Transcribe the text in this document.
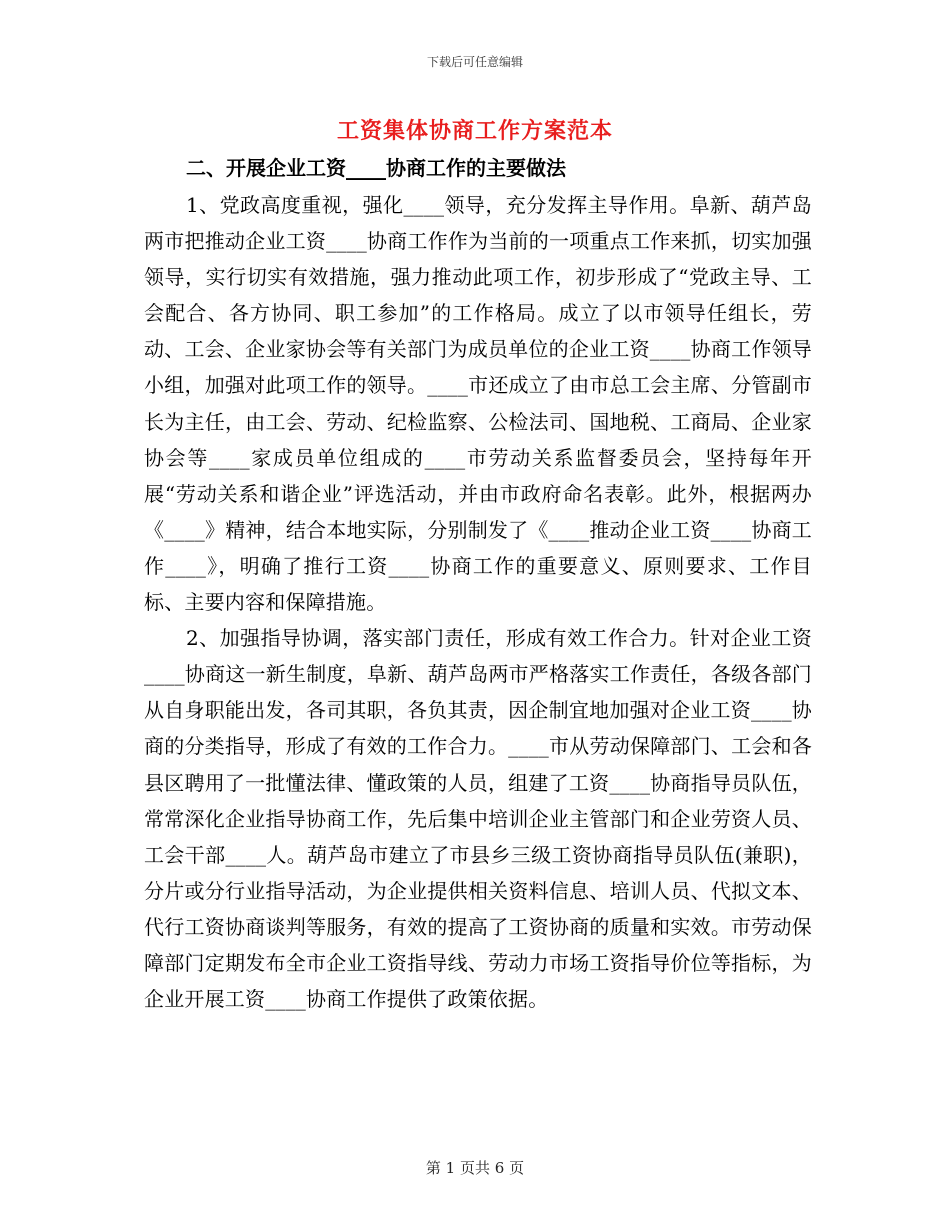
下载后可任意编辑
工资集体协商工作方案范本

二、开展企业工资____协商工作的主要做法

1、党政高度重视，强化____领导，充分发挥主导作用。阜新、葫芦岛两市把推动企业工资____协商工作作为当前的一项重点工作来抓，切实加强领导，实行切实有效措施，强力推动此项工作，初步形成了“党政主导、工会配合、各方协同、职工参加”的工作格局。成立了以市领导任组长，劳动、工会、企业家协会等有关部门为成员单位的企业工资____协商工作领导小组，加强对此项工作的领导。____市还成立了由市总工会主席、分管副市长为主任，由工会、劳动、纪检监察、公检法司、国地税、工商局、企业家协会等____家成员单位组成的____市劳动关系监督委员会，坚持每年开展“劳动关系和谐企业”评选活动，并由市政府命名表彰。此外，根据两办《____》精神，结合本地实际，分别制发了《____推动企业工资____协商工作____》，明确了推行工资____协商工作的重要意义、原则要求、工作目标、主要内容和保障措施。

2、加强指导协调，落实部门责任，形成有效工作合力。针对企业工资____协商这一新生制度，阜新、葫芦岛两市严格落实工作责任，各级各部门从自身职能出发，各司其职，各负其责，因企制宜地加强对企业工资____协商的分类指导，形成了有效的工作合力。____市从劳动保障部门、工会和各县区聘用了一批懂法律、懂政策的人员，组建了工资____协商指导员队伍，常常深化企业指导协商工作，先后集中培训企业主管部门和企业劳资人员、工会干部____人。葫芦岛市建立了市县乡三级工资协商指导员队伍(兼职)，分片或分行业指导活动，为企业提供相关资料信息、培训人员、代拟文本、代行工资协商谈判等服务，有效的提高了工资协商的质量和实效。市劳动保障部门定期发布全市企业工资指导线、劳动力市场工资指导价位等指标，为企业开展工资____协商工作提供了政策依据。

第 1 页共 6 页
